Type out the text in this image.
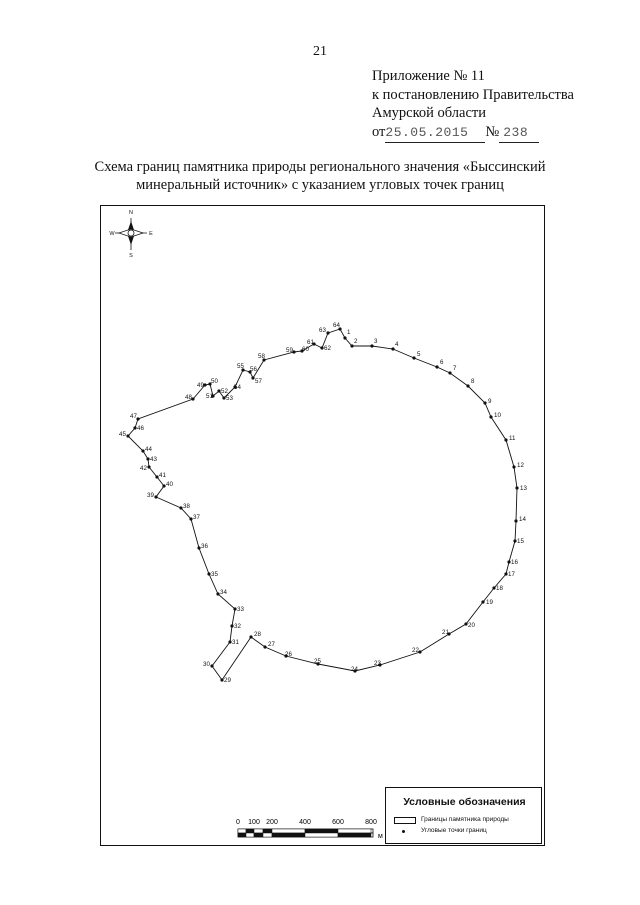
21
Приложение № 11
к постановлению Правительства
Амурской области
от25.05.2015 № 238
Схема границ памятника природы регионального значения «Быссинский
минеральный источник» с указанием угловых точек границ
N
S
W	E
1
2	3	4
5
6
7
8
9
10
11
12
13
14
15
16
17
18
19
20
21
22
23
24
25
26
27
28
29
30
31
32
33
34
35
36
37
38
39
40
41
42
43
44
45
46
47
48
49
50
51
52
53
54
55 56
57
58
59 60
61
62
63
64
0 100 200	400	600	800
м
Условные обозначения
Границы памятника природы
Угловые точки границ
